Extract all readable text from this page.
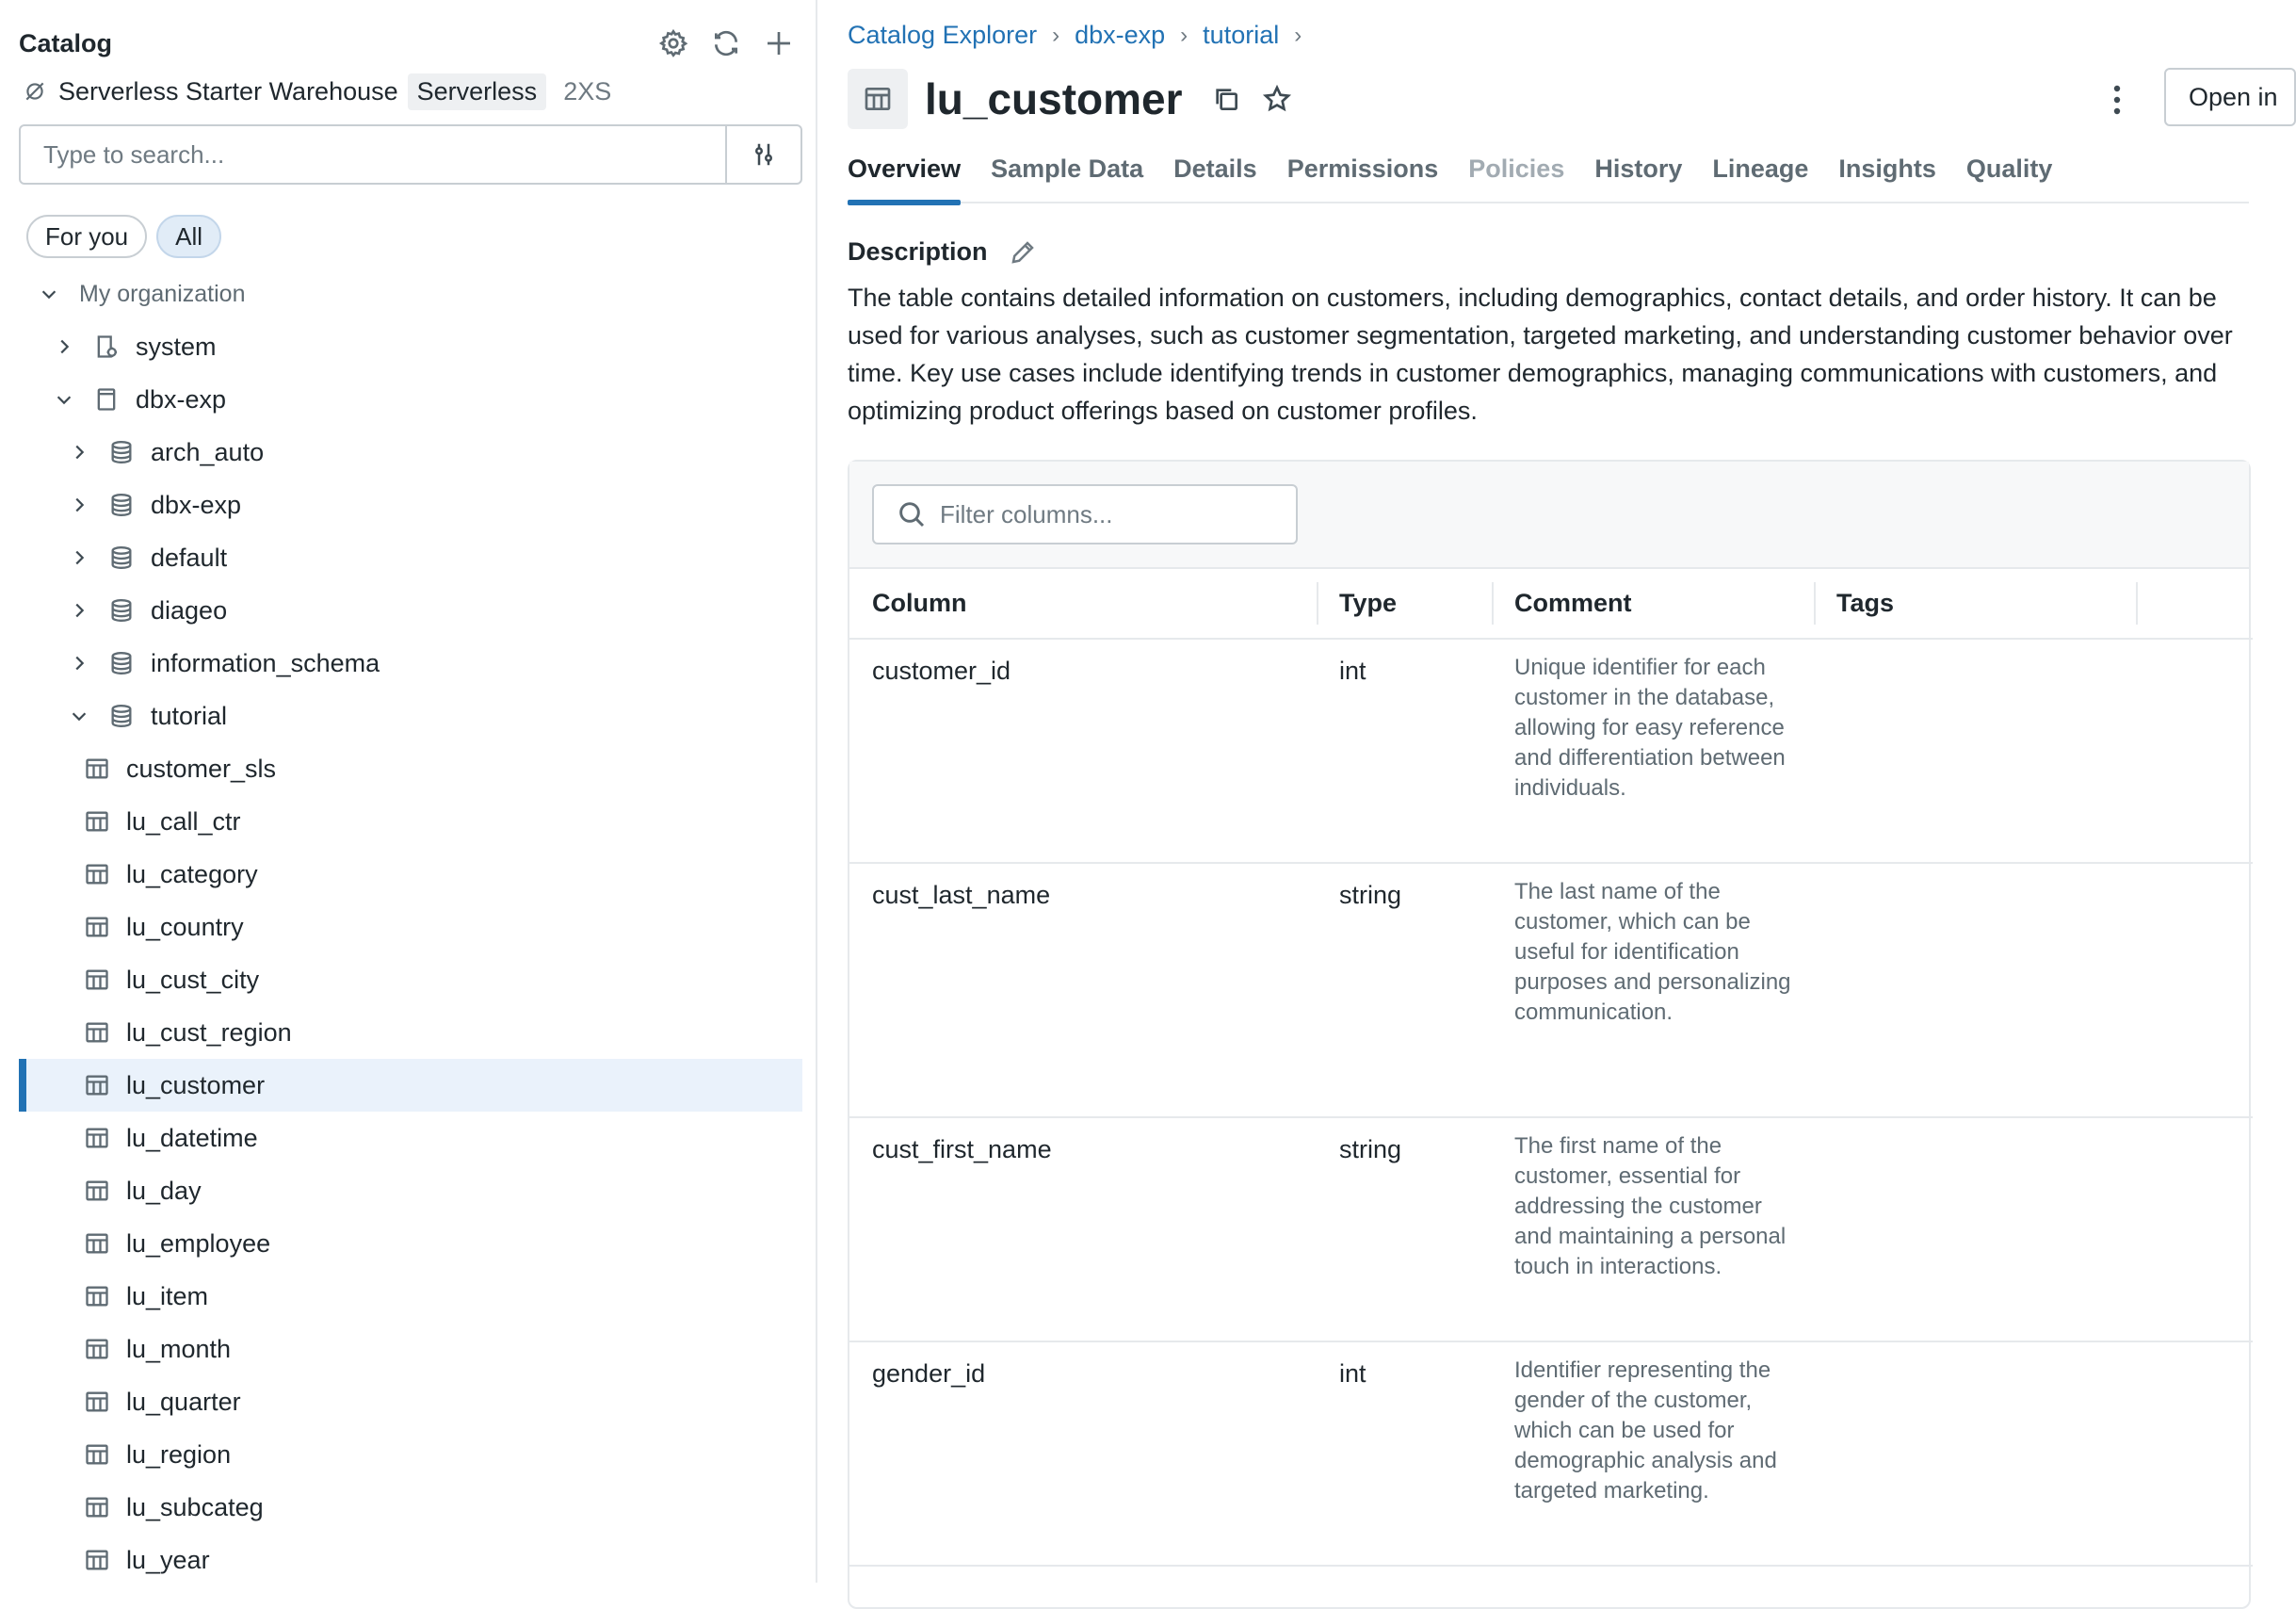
Catalog
Serverless Starter Warehouse Serverless	2XS
Type to search...
For you	All
My organization
system
dbx-exp
arch_auto
dbx-exp
default
diageo
information_schema
tutorial
customer_sls
lu_call_ctr
lu_category
lu_country
lu_cust_city
lu_cust_region
lu_customer
lu_datetime
lu_day
lu_employee
lu_item
lu_month
lu_quarter
lu_region
lu_subcateg
lu_year
Catalog Explorer › dbx-exp › tutorial ›
lu_customer	Open in
Overview Sample Data Details Permissions Policies History Lineage Insights Quality
Description

The table contains detailed information on customers, including demographics, contact details, and order history. It can be used for various analyses, such as customer segmentation, targeted marketing, and understanding customer behavior over time. Key use cases include identifying trends in customer demographics, managing communications with customers, and optimizing product offerings based on customer profiles.

Filter columns...
Column	Type	Comment	Tags	
customer_id	int	Unique identifier for each customer in the database, allowing for easy reference and differentiation between individuals.		
cust_last_name	string	The last name of the customer, which can be useful for identification purposes and personalizing communication.		
cust_first_name	string	The first name of the customer, essential for addressing the customer and maintaining a personal touch in interactions.		
gender_id	int	Identifier representing the gender of the customer, which can be used for demographic analysis and targeted marketing.		
